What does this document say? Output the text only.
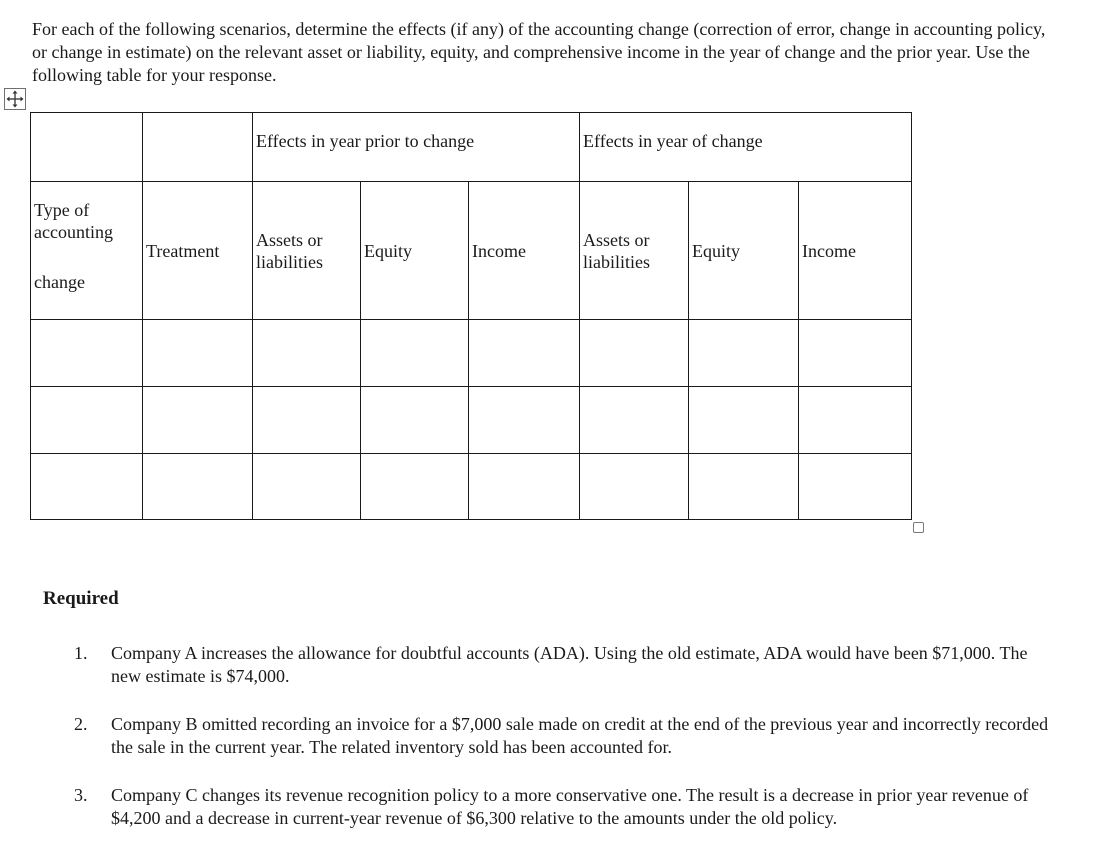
For each of the following scenarios, determine the effects (if any) of the accounting change (correction of error, change in accounting policy, or change in estimate) on the relevant asset or liability, equity, and comprehensive income in the year of change and the prior year. Use the following table for your response.

		Effects in year prior to change			Effects in year of change		
Type of
accounting
change	Treatment	Assets or liabilities	Equity	Income	Assets or liabilities	Equity	Income

Required
1. Company A increases the allowance for doubtful accounts (ADA). Using the old estimate, ADA would have been $71,000. The new estimate is $74,000.
2. Company B omitted recording an invoice for a $7,000 sale made on credit at the end of the previous year and incorrectly recorded the sale in the current year. The related inventory sold has been accounted for.
3. Company C changes its revenue recognition policy to a more conservative one. The result is a decrease in prior year revenue of $4,200 and a decrease in current-year revenue of $6,300 relative to the amounts under the old policy.
